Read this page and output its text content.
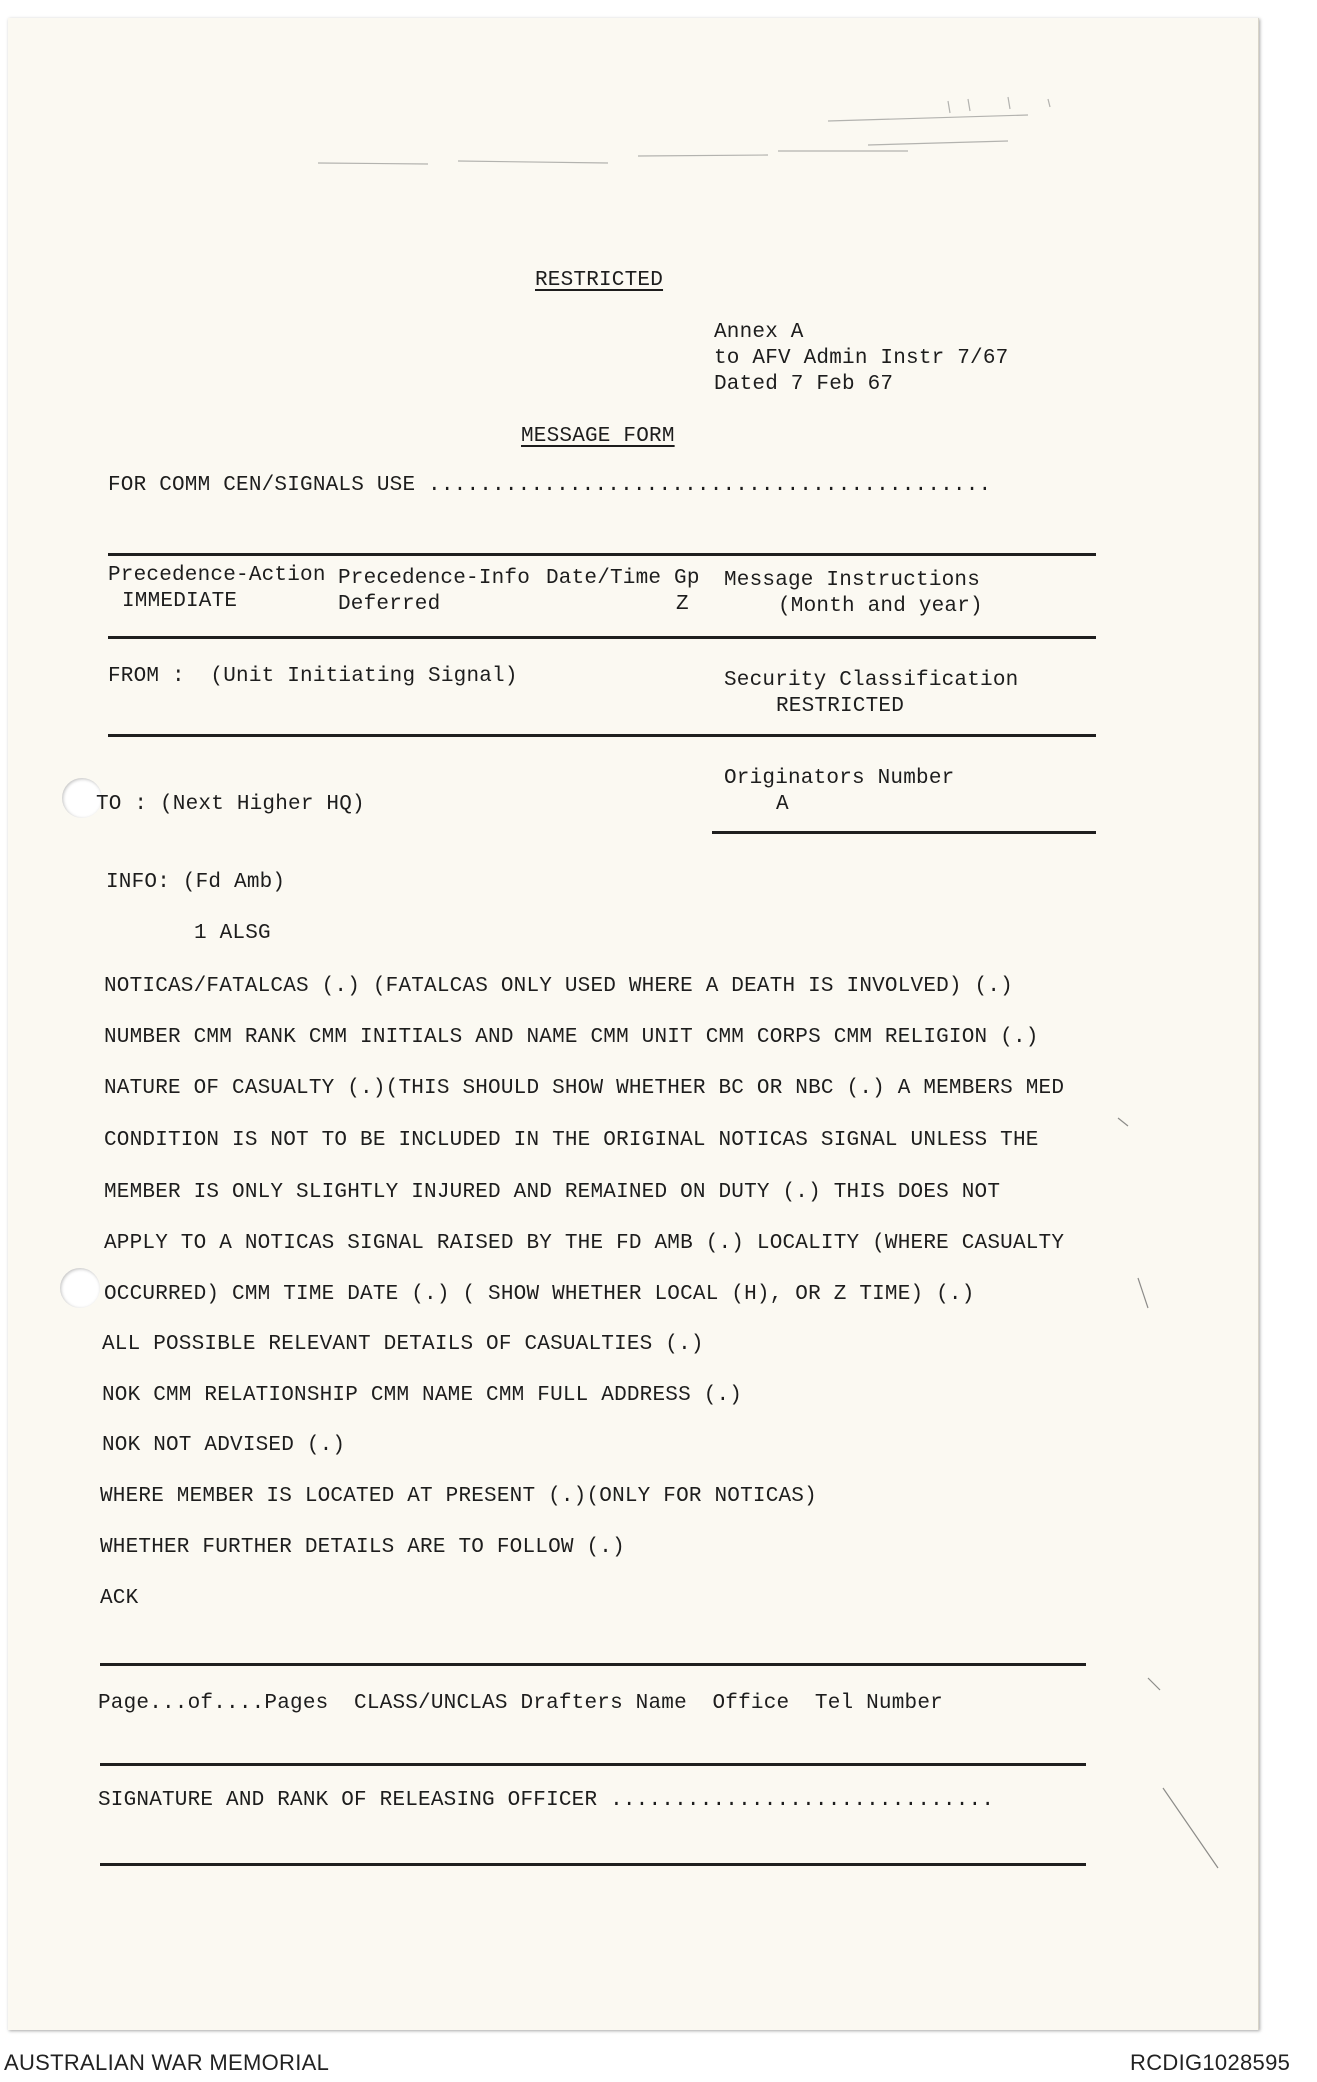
RESTRICTED
Annex A
to AFV Admin Instr 7/67
Dated 7 Feb 67
MESSAGE FORM
FOR COMM CEN/SIGNALS USE ............................................
Precedence-Action
IMMEDIATE
Precedence-Info
Deferred
Date/Time Gp
Z
Message Instructions
(Month and year)
FROM :  (Unit Initiating Signal)	Security Classification
RESTRICTED
Originators Number
A
TO : (Next Higher HQ)
INFO: (Fd Amb)
1 ALSG
NOTICAS/FATALCAS (.) (FATALCAS ONLY USED WHERE A DEATH IS INVOLVED) (.)
NUMBER CMM RANK CMM INITIALS AND NAME CMM UNIT CMM CORPS CMM RELIGION (.)
NATURE OF CASUALTY (.)(THIS SHOULD SHOW WHETHER BC OR NBC (.) A MEMBERS MED
CONDITION IS NOT TO BE INCLUDED IN THE ORIGINAL NOTICAS SIGNAL UNLESS THE
MEMBER IS ONLY SLIGHTLY INJURED AND REMAINED ON DUTY (.) THIS DOES NOT
APPLY TO A NOTICAS SIGNAL RAISED BY THE FD AMB (.) LOCALITY (WHERE CASUALTY
OCCURRED) CMM TIME DATE (.) ( SHOW WHETHER LOCAL (H), OR Z TIME) (.)
ALL POSSIBLE RELEVANT DETAILS OF CASUALTIES (.)
NOK CMM RELATIONSHIP CMM NAME CMM FULL ADDRESS (.)
NOK NOT ADVISED (.)
WHERE MEMBER IS LOCATED AT PRESENT (.)(ONLY FOR NOTICAS)
WHETHER FURTHER DETAILS ARE TO FOLLOW (.)
ACK
Page...of....Pages  CLASS/UNCLAS Drafters Name  Office  Tel Number
SIGNATURE AND RANK OF RELEASING OFFICER ..............................
AUSTRALIAN WAR MEMORIAL	RCDIG1028595
